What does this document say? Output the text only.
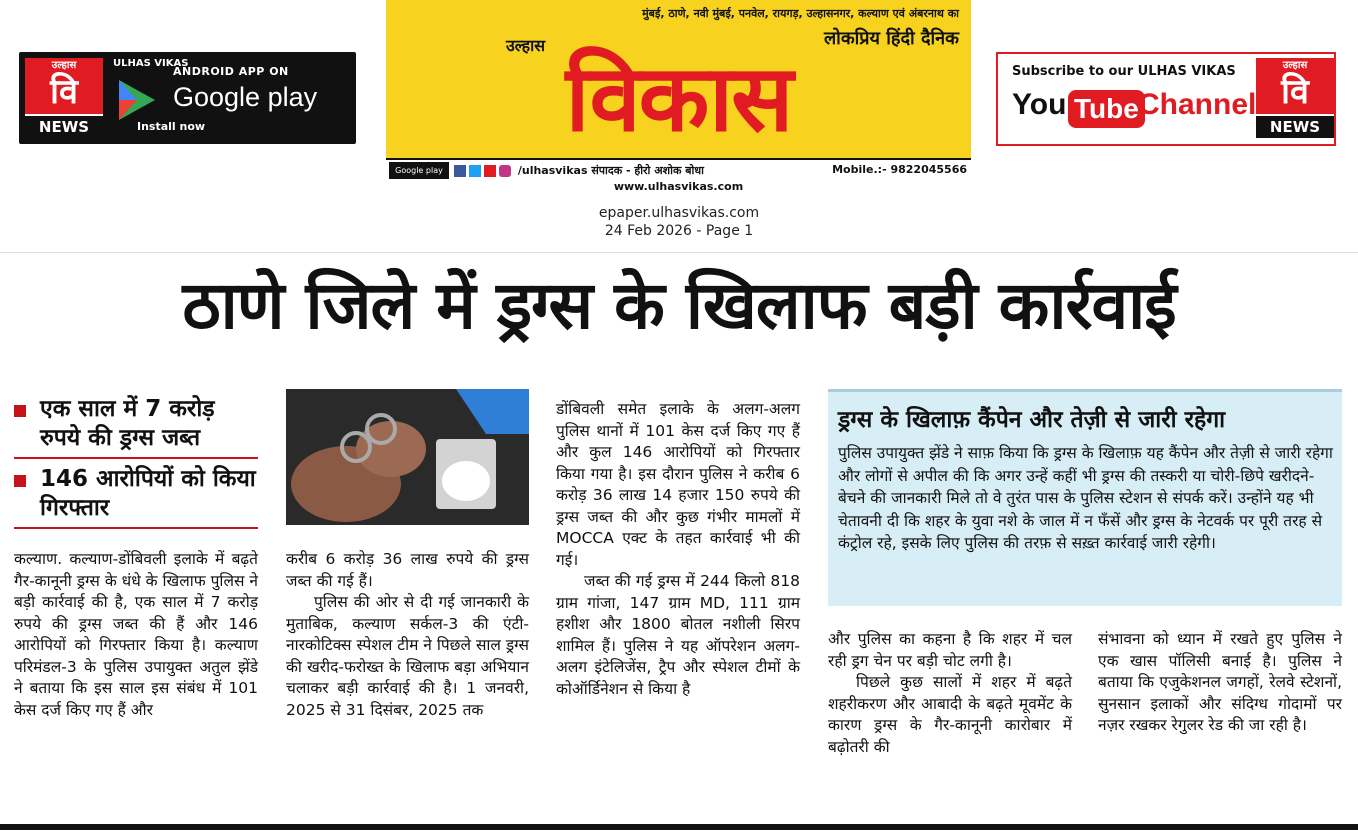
उल्हास
वि
NEWS
ULHAS VIKAS
ANDROID APP ON
Google play
Install now
मुंबई, ठाणे, नवी मुंबई, पनवेल, रायगड़, उल्हासनगर, कल्याण एवं अंबरनाथ का
लोकप्रिय हिंदी दैनिक
उल्हास विकास
Google play	/ulhasvikas संपादक - हीरो अशोक बोधा	Mobile.:- 9822045566
www.ulhasvikas.com
Subscribe to our ULHAS VIKAS
You Tube Channel
उल्हास
वि
NEWS
epaper.ulhasvikas.com
24 Feb 2026 - Page 1
ठाणे जिले में ड्रग्स के खिलाफ बड़ी कार्रवाई
एक साल में 7 करोड़ रुपये की ड्रग्स जब्त
146 आरोपियों को किया गिरफ्तार

कल्याण. कल्याण-डोंबिवली इलाके में बढ़ते गैर-कानूनी ड्रग्स के धंधे के खिलाफ पुलिस ने बड़ी कार्रवाई की है, एक साल में 7 करोड़ रुपये की ड्रग्स जब्त की हैं और 146 आरोपियों को गिरफ्तार किया है। कल्याण परिमंडल-3 के पुलिस उपायुक्त अतुल झेंडे ने बताया कि इस साल इस संबंध में 101 केस दर्ज किए गए हैं और

करीब 6 करोड़ 36 लाख रुपये की ड्रग्स जब्त की गई हैं।

पुलिस की ओर से दी गई जानकारी के मुताबिक, कल्याण सर्कल-3 की एंटी-नारकोटिक्स स्पेशल टीम ने पिछले साल ड्रग्स की खरीद-फरोख्त के खिलाफ बड़ा अभियान चलाकर बड़ी कार्रवाई की है। 1 जनवरी, 2025 से 31 दिसंबर, 2025 तक

डोंबिवली समेत इलाके के अलग-अलग पुलिस थानों में 101 केस दर्ज किए गए हैं और कुल 146 आरोपियों को गिरफ्तार किया गया है। इस दौरान पुलिस ने करीब 6 करोड़ 36 लाख 14 हजार 150 रुपये की ड्रग्स जब्त की और कुछ गंभीर मामलों में MOCCA एक्ट के तहत कार्रवाई भी की गई।

जब्त की गई ड्रग्स में 244 किलो 818 ग्राम गांजा, 147 ग्राम MD, 111 ग्राम हशीश और 1800 बोतल नशीली सिरप शामिल हैं। पुलिस ने यह ऑपरेशन अलग-अलग इंटेलिजेंस, ट्रैप और स्पेशल टीमों के कोऑर्डिनेशन से किया है

ड्रग्स के खिलाफ़ कैंपेन और तेज़ी से जारी रहेगा
पुलिस उपायुक्त झेंडे ने साफ़ किया कि ड्रग्स के खिलाफ़ यह कैंपेन और तेज़ी से जारी रहेगा और लोगों से अपील की कि अगर उन्हें कहीं भी ड्रग्स की तस्करी या चोरी-छिपे खरीदने-बेचने की जानकारी मिले तो वे तुरंत पास के पुलिस स्टेशन से संपर्क करें। उन्होंने यह भी चेतावनी दी कि शहर के युवा नशे के जाल में न फँसें और ड्रग्स के नेटवर्क पर पूरी तरह से कंट्रोल रहे, इसके लिए पुलिस की तरफ़ से सख़्त कार्रवाई जारी रहेगी।

और पुलिस का कहना है कि शहर में चल रही ड्रग चेन पर बड़ी चोट लगी है।

पिछले कुछ सालों में शहर में बढ़ते शहरीकरण और आबादी के बढ़ते मूवमेंट के कारण ड्रग्स के गैर-कानूनी कारोबार में बढ़ोतरी की

संभावना को ध्यान में रखते हुए पुलिस ने एक खास पॉलिसी बनाई है। पुलिस ने बताया कि एजुकेशनल जगहों, रेलवे स्टेशनों, सुनसान इलाकों और संदिग्ध गोदामों पर नज़र रखकर रेगुलर रेड की जा रही है।
